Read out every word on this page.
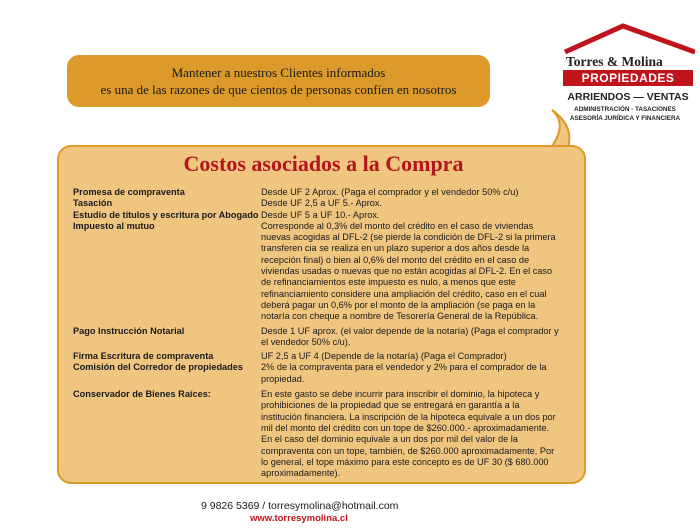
Mantener a nuestros Clientes informados
es una de las razones de que cientos de personas confíen en nosotros
Torres & Molina
PROPIEDADES
ARRIENDOS — VENTAS
ADMINISTRACIÓN - TASACIONES
ASESORÍA JURÍDICA Y FINANCIERA
Costos asociados a la Compra
Promesa de compraventa	Desde UF 2 Aprox. (Paga el comprador y el vendedor 50% c/u)
Tasación	Desde UF 2,5 a UF 5.- Aprox.
Estudio de títulos y escritura por Abogado Desde UF 5 a UF 10.- Aprox.
Impuesto al mutuo	Corresponde al 0,3% del monto del crédito en el caso de viviendas nuevas acogidas al DFL-2 (se pierde la condición de DFL-2 si la primera transferen cia se realiza en un plazo superior a dos años desde la recepción final) o bien al 0,6% del monto del crédito en el caso de viviendas usadas o nuevas que no están acogidas al DFL-2. En el caso de refinanciamientos este impuesto es nulo, a menos que este refinanciamiento considere una ampliación del crédito, caso en el cual deberá pagar un 0,6% por el monto de la ampliación (se paga en la notaría con cheque a nombre de Tesorería General de la República.
Pago Instrucción Notarial	Desde 1 UF aprox. (el valor depende de la notaría) (Paga el comprador y el vendedor 50% c/u).
Firma Escritura de compraventa	UF 2,5 a UF 4 (Depende de la notaría) (Paga el Comprador)
Comisión del Corredor de propiedades	2% de la compraventa para el vendedor y 2% para el comprador de la propiedad.
Conservador de Bienes Raíces:	En este gasto se debe incurrir para inscribir el dominio, la hipoteca y prohibiciones de la propiedad que se entregará en garantía a la institución financiera. La inscripción de la hipoteca equivale a un dos por mil del monto del crédito con un tope de $260.000.- aproximadamente. En el caso del dominio equivale a un dos por mil del valor de la compraventa con un tope, también, de $260.000 aproximadamente. Por lo general, el tope máximo para este concepto es de UF 30 ($ 680.000 aproximadamente).
9 9826 5369 / torresymolina@hotmail.com
www.torresymolina.cl
